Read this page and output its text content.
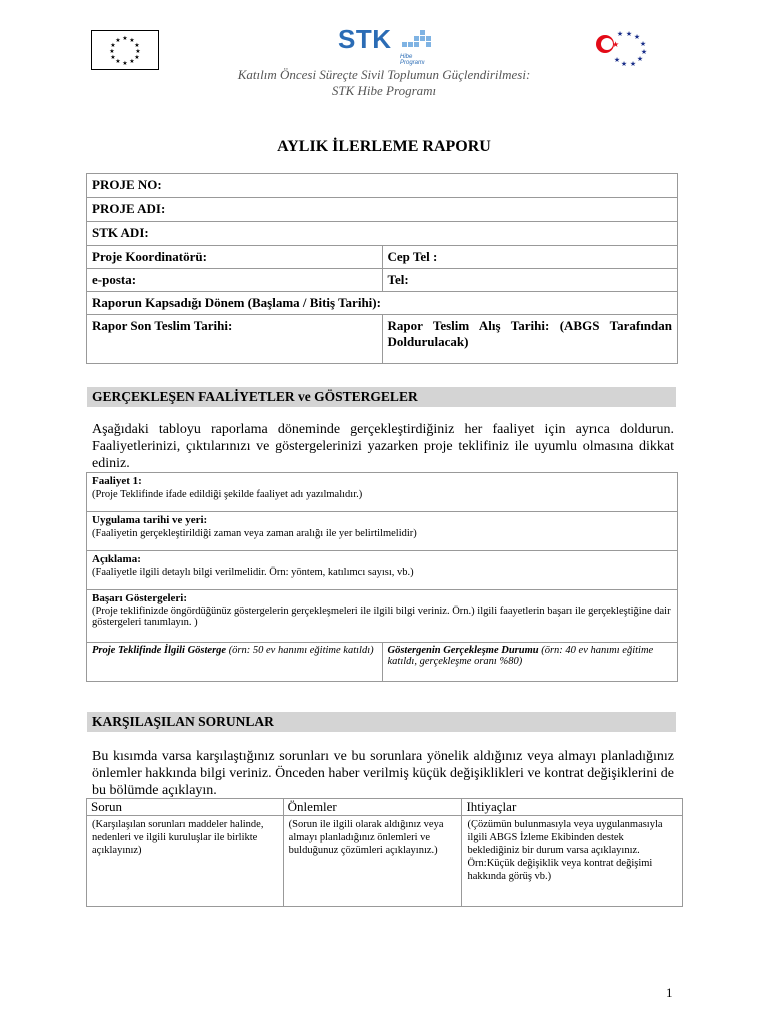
★ ★
★
★
★
★
★
★
★
★
★
★	STK
Hibe Programı
★
★ ★
★
★
★
★
★
★
★
Katılım Öncesi Süreçte Sivil Toplumun Güçlendirilmesi:
STK Hibe Programı
AYLIK İLERLEME RAPORU
PROJE NO:	
PROJE ADI:	
STK ADI:	
Proje Koordinatörü:	Cep Tel :
e-posta:	Tel:
Raporun Kapsadığı Dönem (Başlama / Bitiş Tarihi):	
Rapor Son Teslim Tarihi:	Rapor Teslim Alış Tarihi: (ABGS Tarafından Doldurulacak)
GERÇEKLEŞEN FAALİYETLER ve GÖSTERGELER
Aşağıdaki tabloyu raporlama döneminde gerçekleştirdiğiniz her faaliyet için ayrıca doldurun. Faaliyetlerinizi, çıktılarınızı ve göstergelerinizi yazarken proje teklifiniz ile uyumlu olmasına dikkat ediniz.
Faaliyet 1:
(Proje Teklifinde ifade edildiği şekilde faaliyet adı yazılmalıdır.)

Uygulama tarihi ve yeri:
(Faaliyetin gerçekleştirildiği zaman veya zaman aralığı ile yer belirtilmelidir)

Açıklama:
(Faaliyetle ilgili detaylı bilgi verilmelidir. Örn: yöntem, katılımcı sayısı, vb.)

Başarı Göstergeleri:
(Proje teklifinizde öngördüğünüz göstergelerin gerçekleşmeleri ile ilgili bilgi veriniz. Örn.) ilgili faayetlerin başarı ile gerçekleştiğine dair göstergeleri tanımlayın. )
Proje Teklifinde İlgili Gösterge (örn: 50 ev hanımı eğitime katıldı)	Göstergenin Gerçekleşme Durumu (örn: 40 ev hanımı eğitime katıldı, gerçekleşme oranı %80)
KARŞILAŞILAN SORUNLAR
Bu kısımda varsa karşılaştığınız sorunları ve bu sorunlara yönelik aldığınız veya almayı planladığınız önlemler hakkında bilgi veriniz. Önceden haber verilmiş küçük değişiklikleri ve kontrat değişiklerini de bu bölümde açıklayın.
Sorun	Önlemler	Ihtiyaçlar
(Karşılaşılan sorunları maddeler halinde, nedenleri ve ilgili kuruluşlar ile birlikte açıklayınız)	(Sorun ile ilgili olarak aldığınız veya almayı planladığınız önlemleri ve bulduğunuz çözümleri açıklayınız.)	(Çözümün bulunmasıyla veya uygulanmasıyla ilgili ABGS İzleme Ekibinden destek beklediğiniz bir durum varsa açıklayınız. Örn:Küçük değişiklik veya kontrat değişimi hakkında görüş vb.)
1
